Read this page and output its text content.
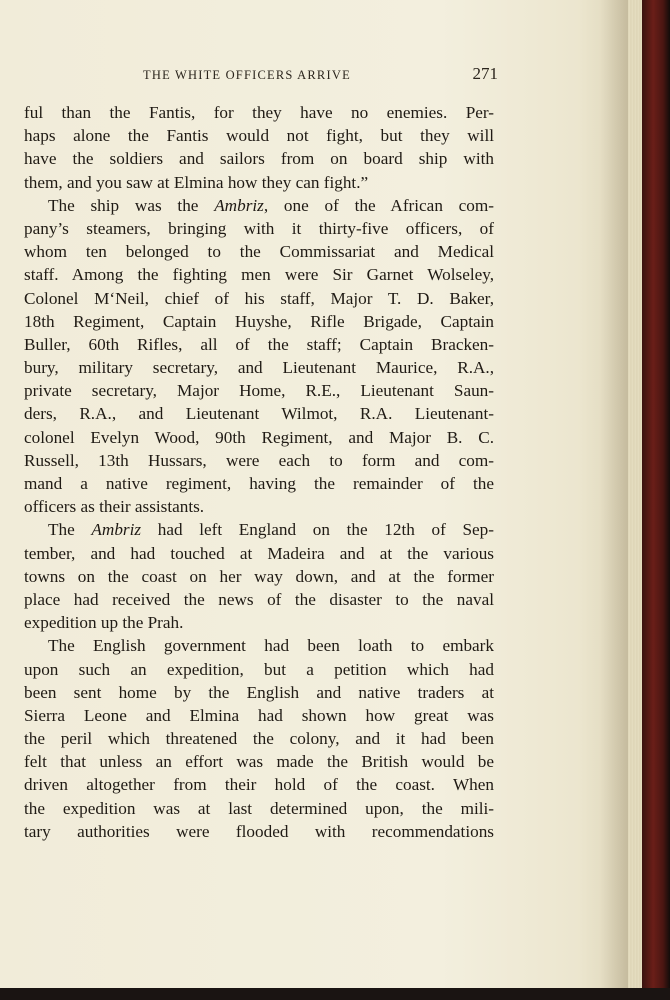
THE WHITE OFFICERS ARRIVE	271
ful than the Fantis, for they have no enemies. Per-
haps alone the Fantis would not fight, but they will
have the soldiers and sailors from on board ship with
them, and you saw at Elmina how they can fight.”
The ship was the Ambriz, one of the African com-
pany’s steamers, bringing with it thirty-five officers, of
whom ten belonged to the Commissariat and Medical
staff. Among the fighting men were Sir Garnet Wolseley,
Colonel M‘Neil, chief of his staff, Major T. D. Baker,
18th Regiment, Captain Huyshe, Rifle Brigade, Captain
Buller, 60th Rifles, all of the staff; Captain Bracken-
bury, military secretary, and Lieutenant Maurice, R.A.,
private secretary, Major Home, R.E., Lieutenant Saun-
ders, R.A., and Lieutenant Wilmot, R.A. Lieutenant-
colonel Evelyn Wood, 90th Regiment, and Major B. C.
Russell, 13th Hussars, were each to form and com-
mand a native regiment, having the remainder of the
officers as their assistants.
The Ambriz had left England on the 12th of Sep-
tember, and had touched at Madeira and at the various
towns on the coast on her way down, and at the former
place had received the news of the disaster to the naval
expedition up the Prah.
The English government had been loath to embark
upon such an expedition, but a petition which had
been sent home by the English and native traders at
Sierra Leone and Elmina had shown how great was
the peril which threatened the colony, and it had been
felt that unless an effort was made the British would be
driven altogether from their hold of the coast. When
the expedition was at last determined upon, the mili-
tary authorities were flooded with recommendations
